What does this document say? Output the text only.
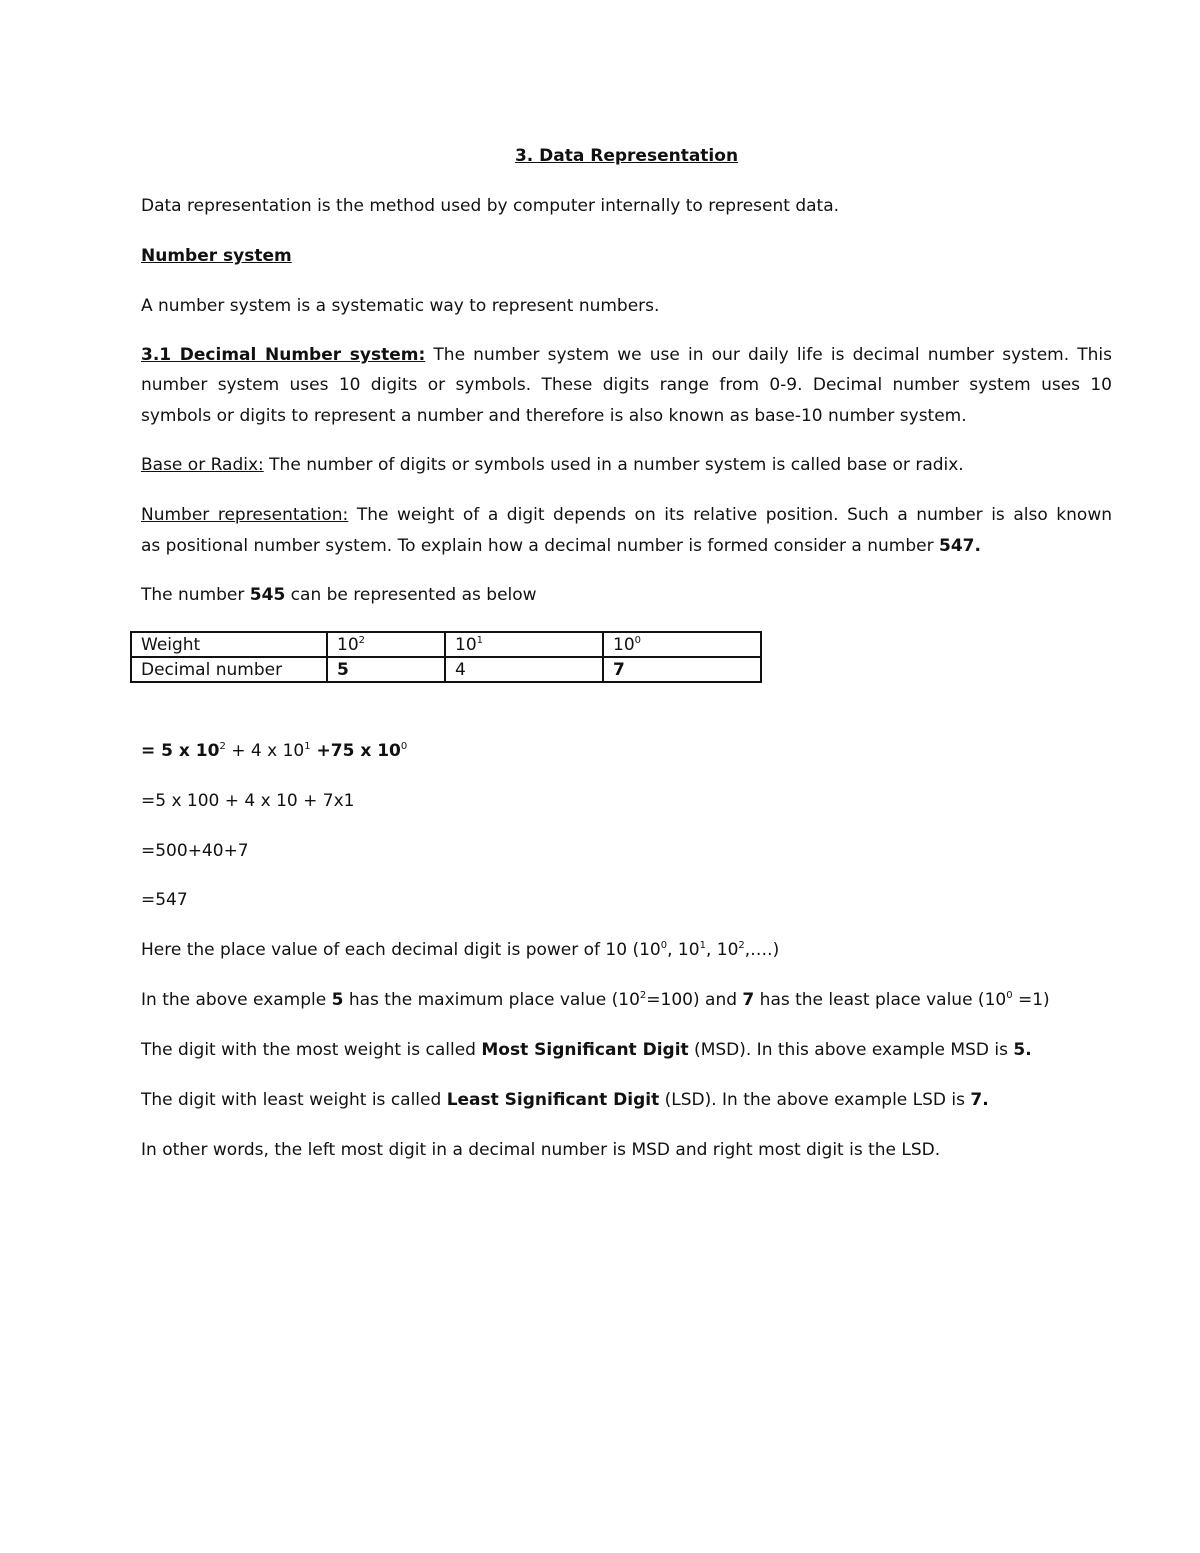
3. Data Representation
Data representation is the method used by computer internally to represent data.
Number system
A number system is a systematic way to represent numbers.
3.1 Decimal Number system: The number system we use in our daily life is decimal number system. This
number system uses 10 digits or symbols. These digits range from 0-9. Decimal number system uses 10
symbols or digits to represent a number and therefore is also known as base-10 number system.
Base or Radix: The number of digits or symbols used in a number system is called base or radix.
Number representation: The weight of a digit depends on its relative position. Such a number is also known
as positional number system. To explain how a decimal number is formed consider a number 547.
The number 545 can be represented as below
Weight	$10^2$	$10^1$	$10^0$
Decimal number	5	4	7
= 5 x $10^2 + 4$ x $10^1 +75$ x $10^0$
=5 x 100 + 4 x 10 + 7x1
=500+40+7
=547
Here the place value of each decimal digit is power of 10 ($10^0$, $10^1$, $10^2,\dots$.)
In the above example 5 has the maximum place value $(10^2=100)$ and 7 has the least place value $(10^0 =1)$
The digit with the most weight is called Most Significant Digit (MSD). In this above example MSD is 5.
The digit with least weight is called Least Significant Digit (LSD). In the above example LSD is 7.
In other words, the left most digit in a decimal number is MSD and right most digit is the LSD.
